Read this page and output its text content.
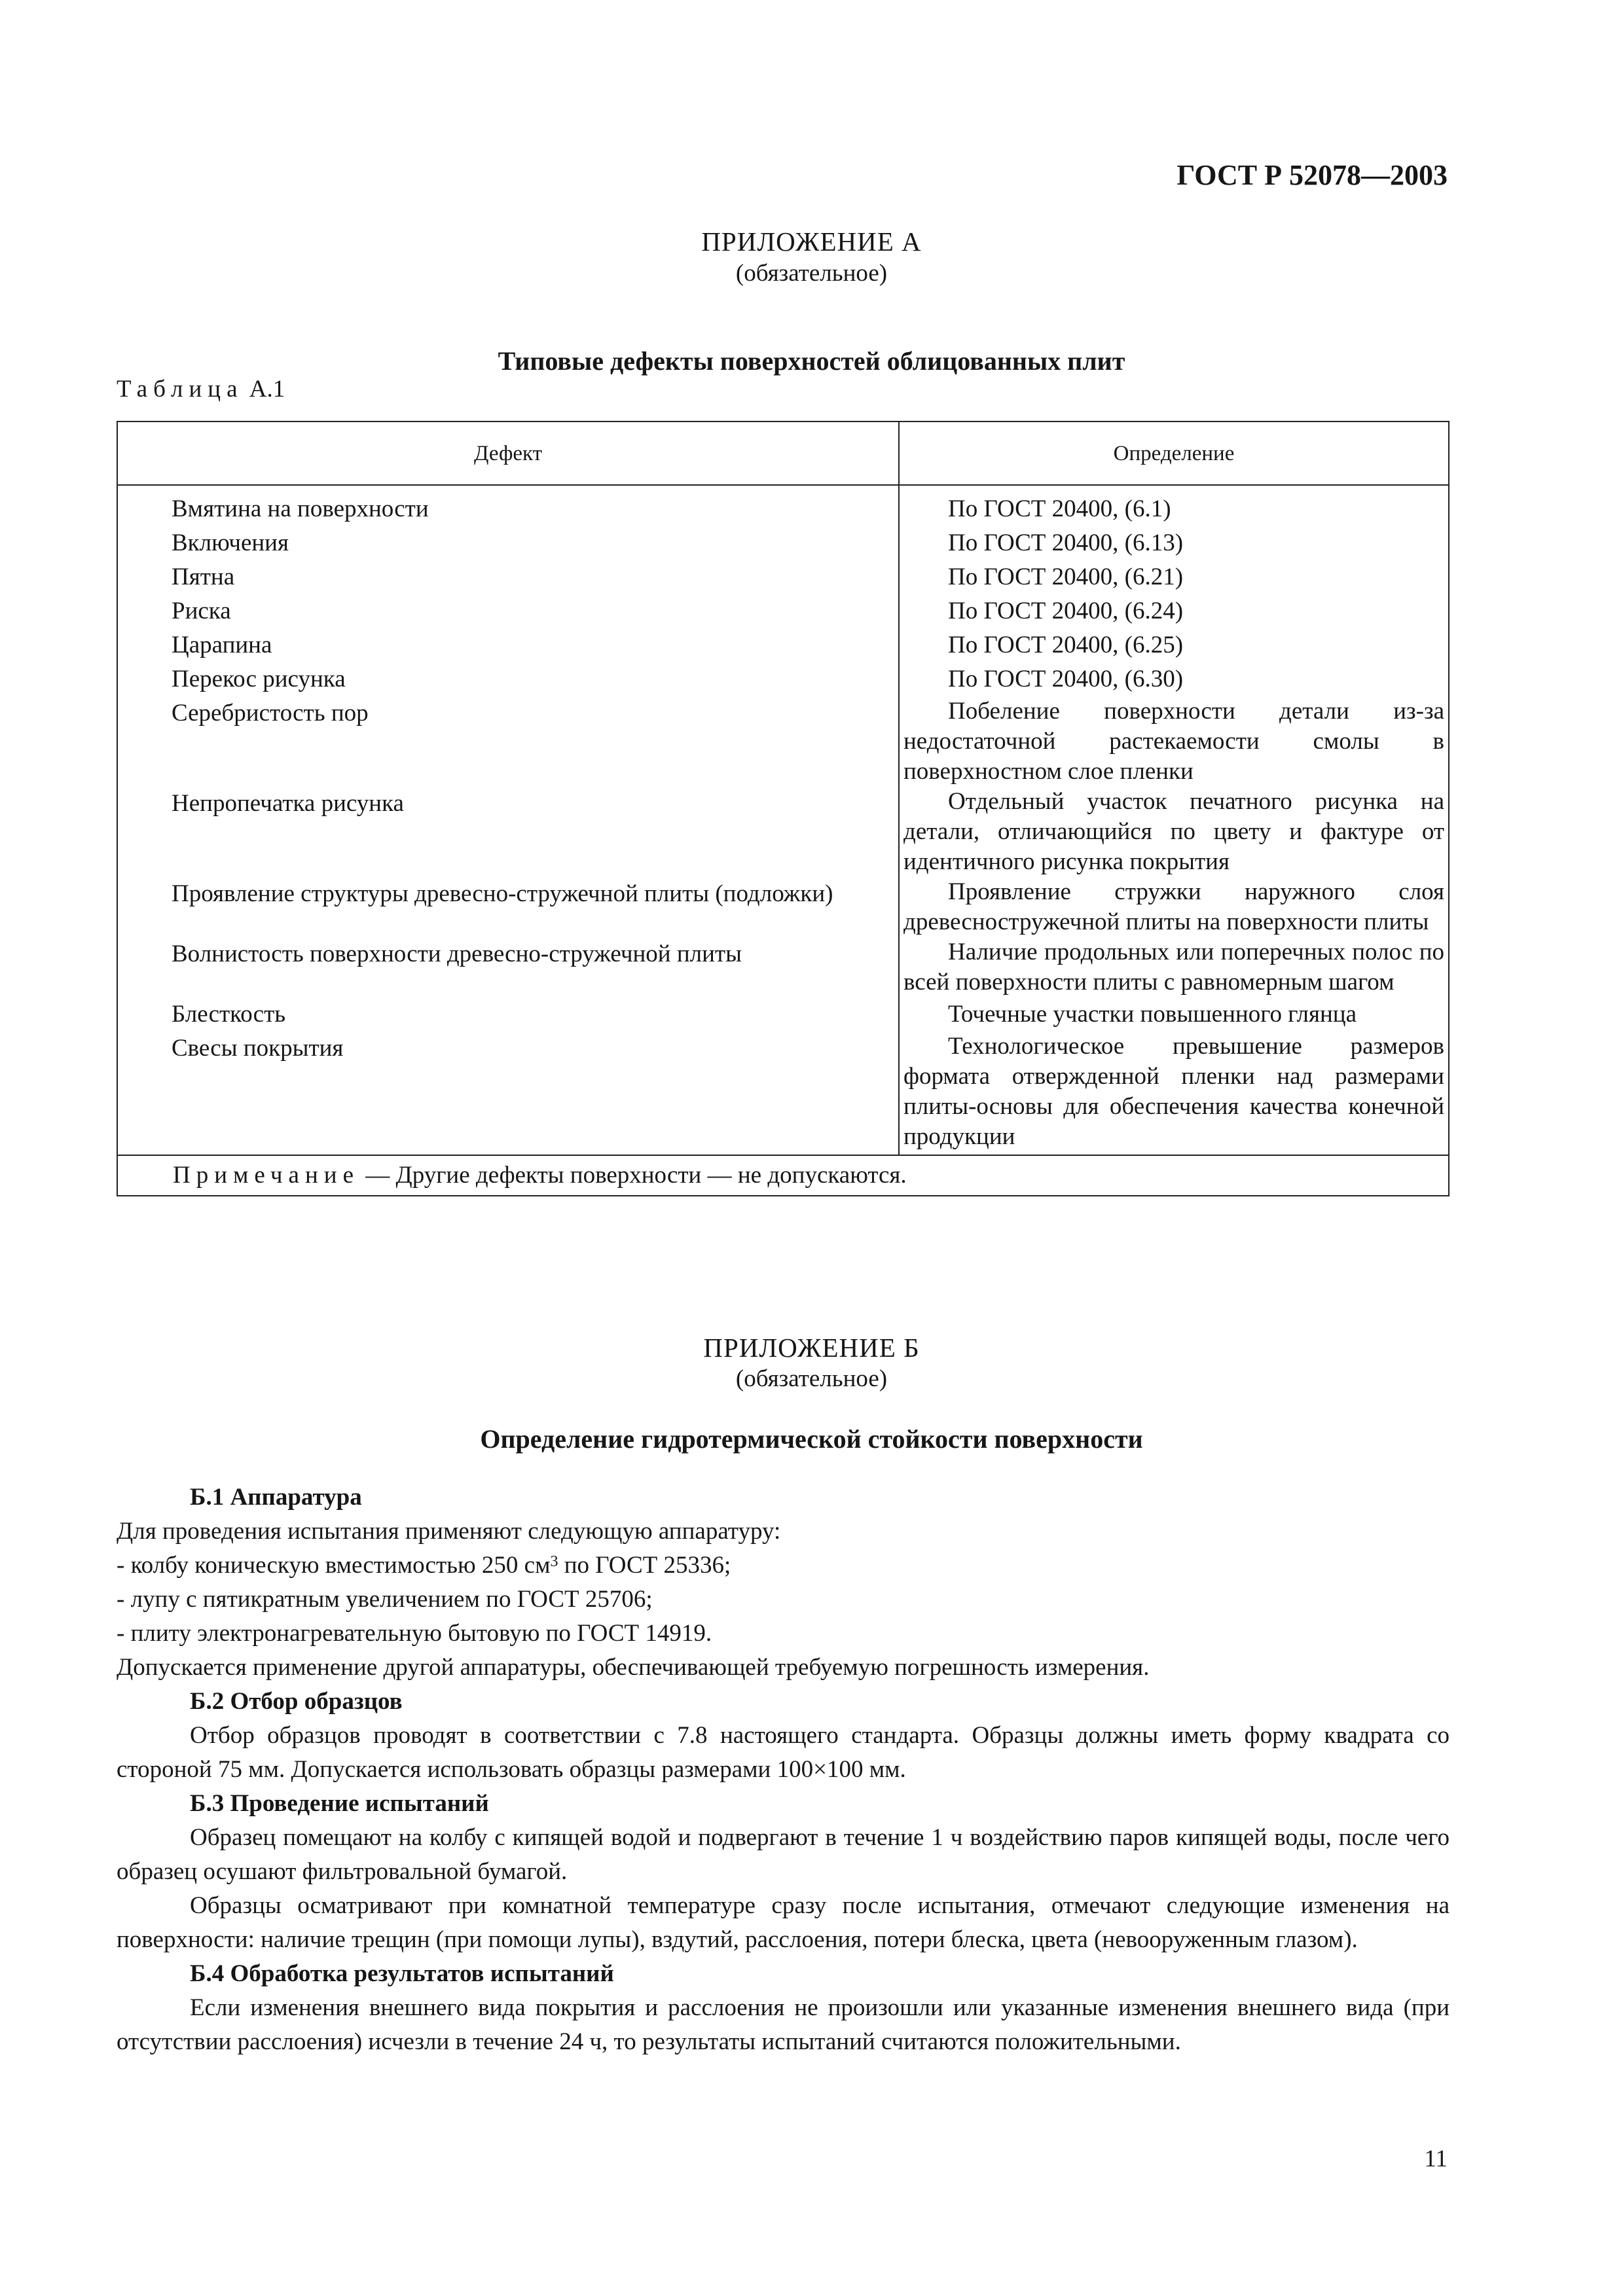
ГОСТ Р 52078—2003
ПРИЛОЖЕНИЕ А
(обязательное)
Типовые дефекты поверхностей облицованных плит
Таблица А.1
Дефект	Определение
Вмятина на поверхности	По ГОСТ 20400, (6.1)

Включения	По ГОСТ 20400, (6.13)

Пятна	По ГОСТ 20400, (6.21)

Риска	По ГОСТ 20400, (6.24)

Царапина	По ГОСТ 20400, (6.25)

Перекос рисунка	По ГОСТ 20400, (6.30)

Серебристость пор	Побеление поверхности детали из-за недостаточной растекаемости смолы в поверхностном слое пленки

Непропечатка рисунка	Отдельный участок печатного рисунка на детали, отличающийся по цвету и фактуре от идентичного рисунка покрытия

Проявление структуры древесно-стружечной плиты (подложки)	Проявление стружки наружного слоя древесностружечной плиты на поверхности плиты

Волнистость поверхности древесно-стружечной плиты	Наличие продольных или поперечных полос по всей поверхности плиты с равномерным шагом

Блесткость	Точечные участки повышенного глянца

Свесы покрытия	Технологическое превышение размеров формата отвержденной пленки над размерами плиты-основы для обеспечения качества конечной продукции

Примечание — Другие дефекты поверхности — не допускаются.	
ПРИЛОЖЕНИЕ Б
(обязательное)
Определение гидротермической стойкости поверхности

Б.1 Аппаратура

Для проведения испытания применяют следующую аппаратуру:

- колбу коническую вместимостью 250 $см^3$ по ГОСТ 25336;

- лупу с пятикратным увеличением по ГОСТ 25706;

- плиту электронагревательную бытовую по ГОСТ 14919.

Допускается применение другой аппаратуры, обеспечивающей требуемую погрешность измерения.

Б.2 Отбор образцов

Отбор образцов проводят в соответствии с 7.8 настоящего стандарта. Образцы должны иметь форму квадрата со стороной 75 мм. Допускается использовать образцы размерами 100×100 мм.

Б.3 Проведение испытаний

Образец помещают на колбу с кипящей водой и подвергают в течение 1 ч воздействию паров кипящей воды, после чего образец осушают фильтровальной бумагой.

Образцы осматривают при комнатной температуре сразу после испытания, отмечают следующие изменения на поверхности: наличие трещин (при помощи лупы), вздутий, расслоения, потери блеска, цвета (невооруженным глазом).

Б.4 Обработка результатов испытаний

Если изменения внешнего вида покрытия и расслоения не произошли или указанные изменения внешнего вида (при отсутствии расслоения) исчезли в течение 24 ч, то результаты испытаний считаются положительными.

11
